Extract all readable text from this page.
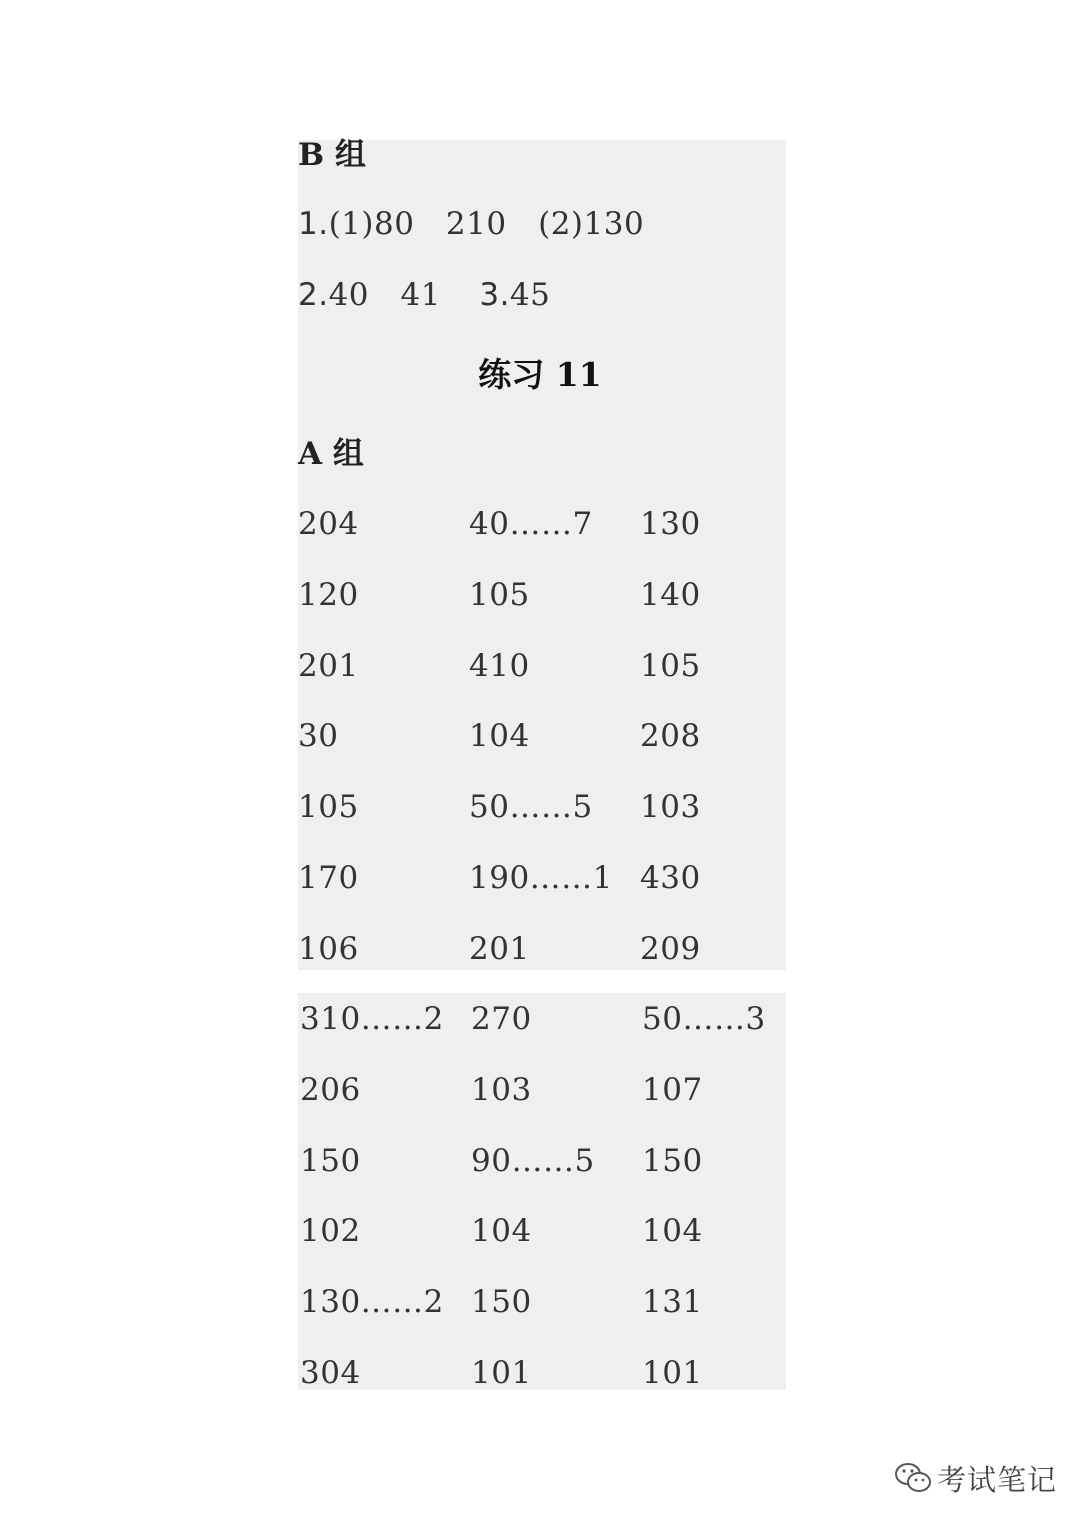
B 组
1.(1)80　210　(2)130
2.40　41 3.45
练习 11
A 组
204	40……7 130
120	105	140
201	410	105
30	104	208
105	50……5 103
170	190……1 430
106	201	209
310……2 270	50……3
206	103	107
150	90……5 150
102	104	104
130……2 150	131
304	101	101
考试笔记
